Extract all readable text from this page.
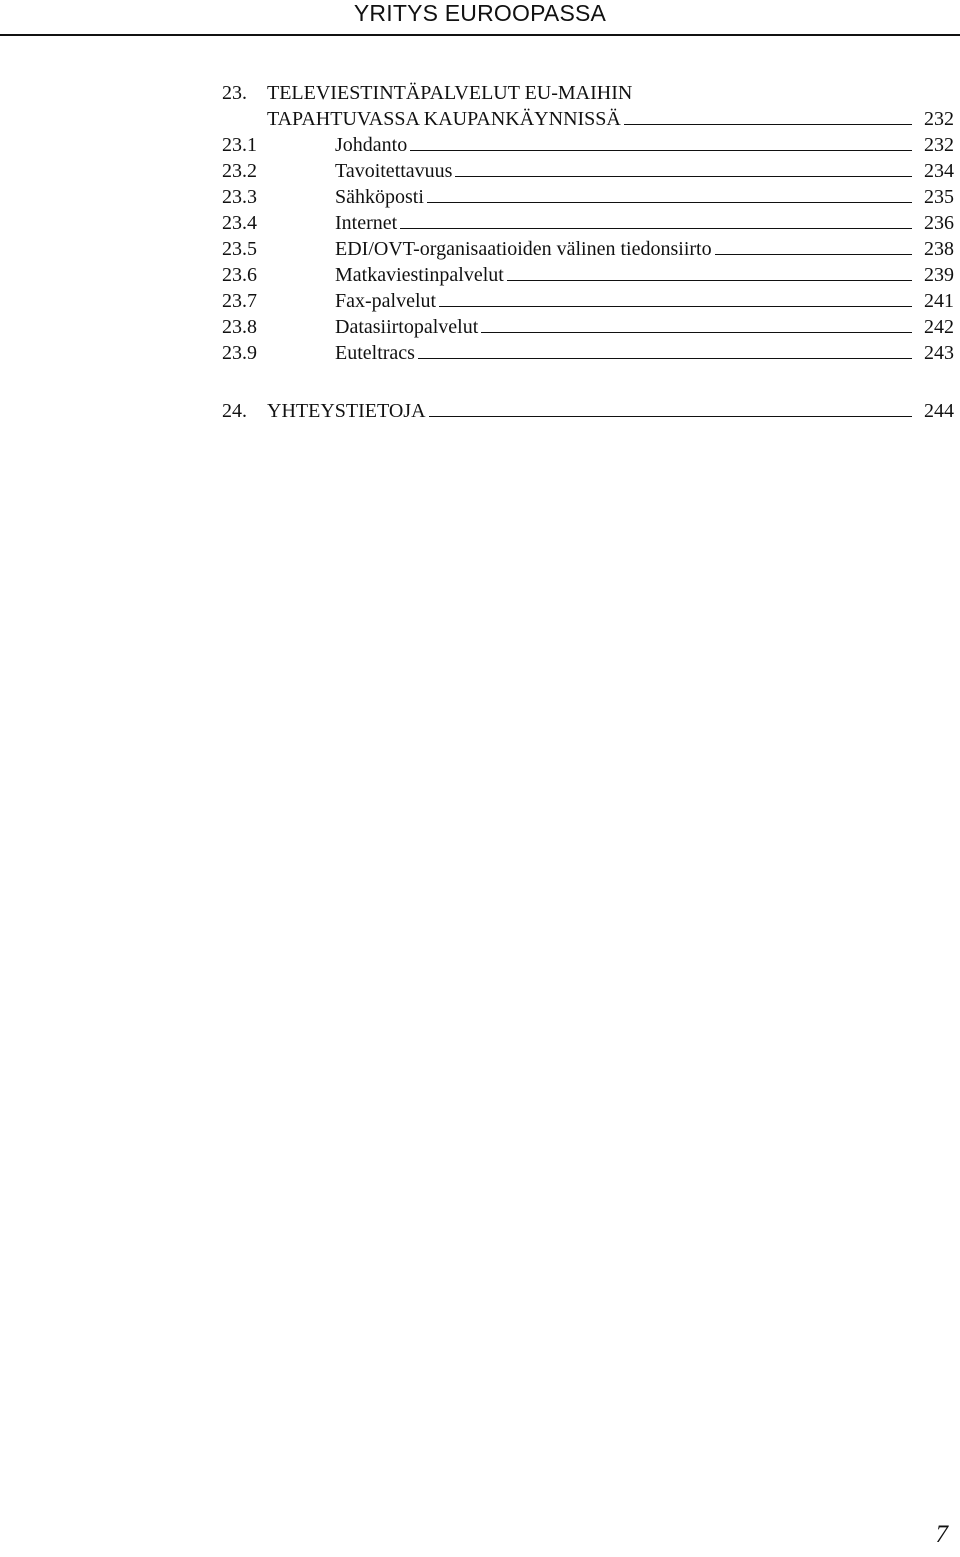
YRITYS EUROOPASSA
23.	TELEVIESTINTÄPALVELUT EU-MAIHIN
TAPAHTUVASSA KAUPANKÄYNNISSÄ	232
23.1	Johdanto	232
23.2	Tavoitettavuus	234
23.3	Sähköposti	235
23.4	Internet	236
23.5	EDI/OVT-organisaatioiden välinen tiedonsiirto	238
23.6	Matkaviestinpalvelut	239
23.7	Fax-palvelut	241
23.8	Datasiirtopalvelut	242
23.9	Euteltracs	243
24.	YHTEYSTIETOJA	244
7
